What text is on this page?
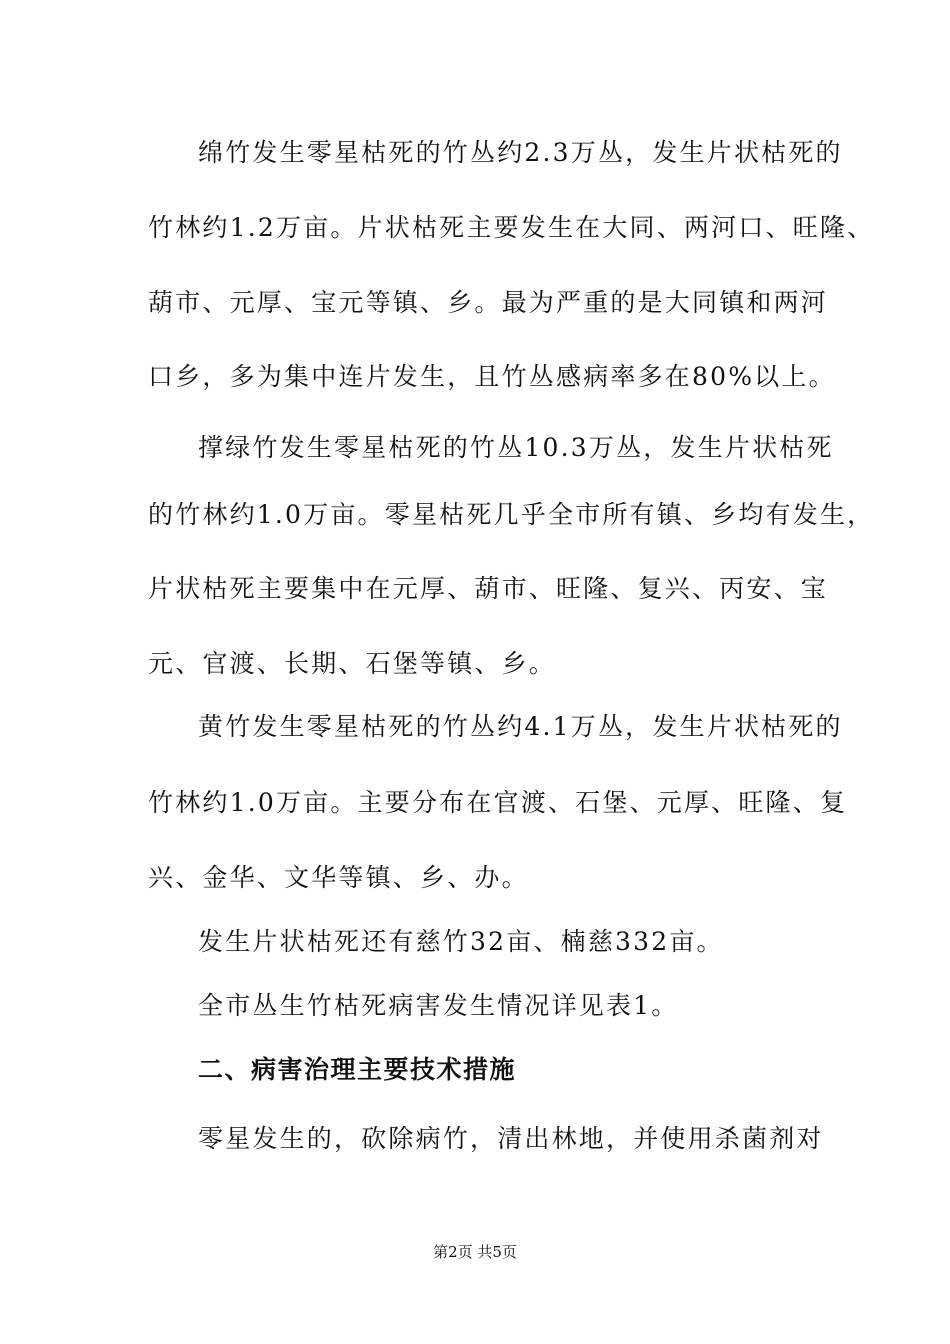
绵竹发生零星枯死的竹丛约2.3万丛，发生片状枯死的
竹林约1.2万亩。片状枯死主要发生在大同、两河口、旺隆、
葫市、元厚、宝元等镇、乡。最为严重的是大同镇和两河
口乡，多为集中连片发生，且竹丛感病率多在80%以上。
撑绿竹发生零星枯死的竹丛10.3万丛，发生片状枯死
的竹林约1.0万亩。零星枯死几乎全市所有镇、乡均有发生，
片状枯死主要集中在元厚、葫市、旺隆、复兴、丙安、宝
元、官渡、长期、石堡等镇、乡。
黄竹发生零星枯死的竹丛约4.1万丛，发生片状枯死的
竹林约1.0万亩。主要分布在官渡、石堡、元厚、旺隆、复
兴、金华、文华等镇、乡、办。
发生片状枯死还有慈竹32亩、楠慈332亩。
全市丛生竹枯死病害发生情况详见表1。
二、病害治理主要技术措施
零星发生的，砍除病竹，清出林地，并使用杀菌剂对
第2页 共5页
